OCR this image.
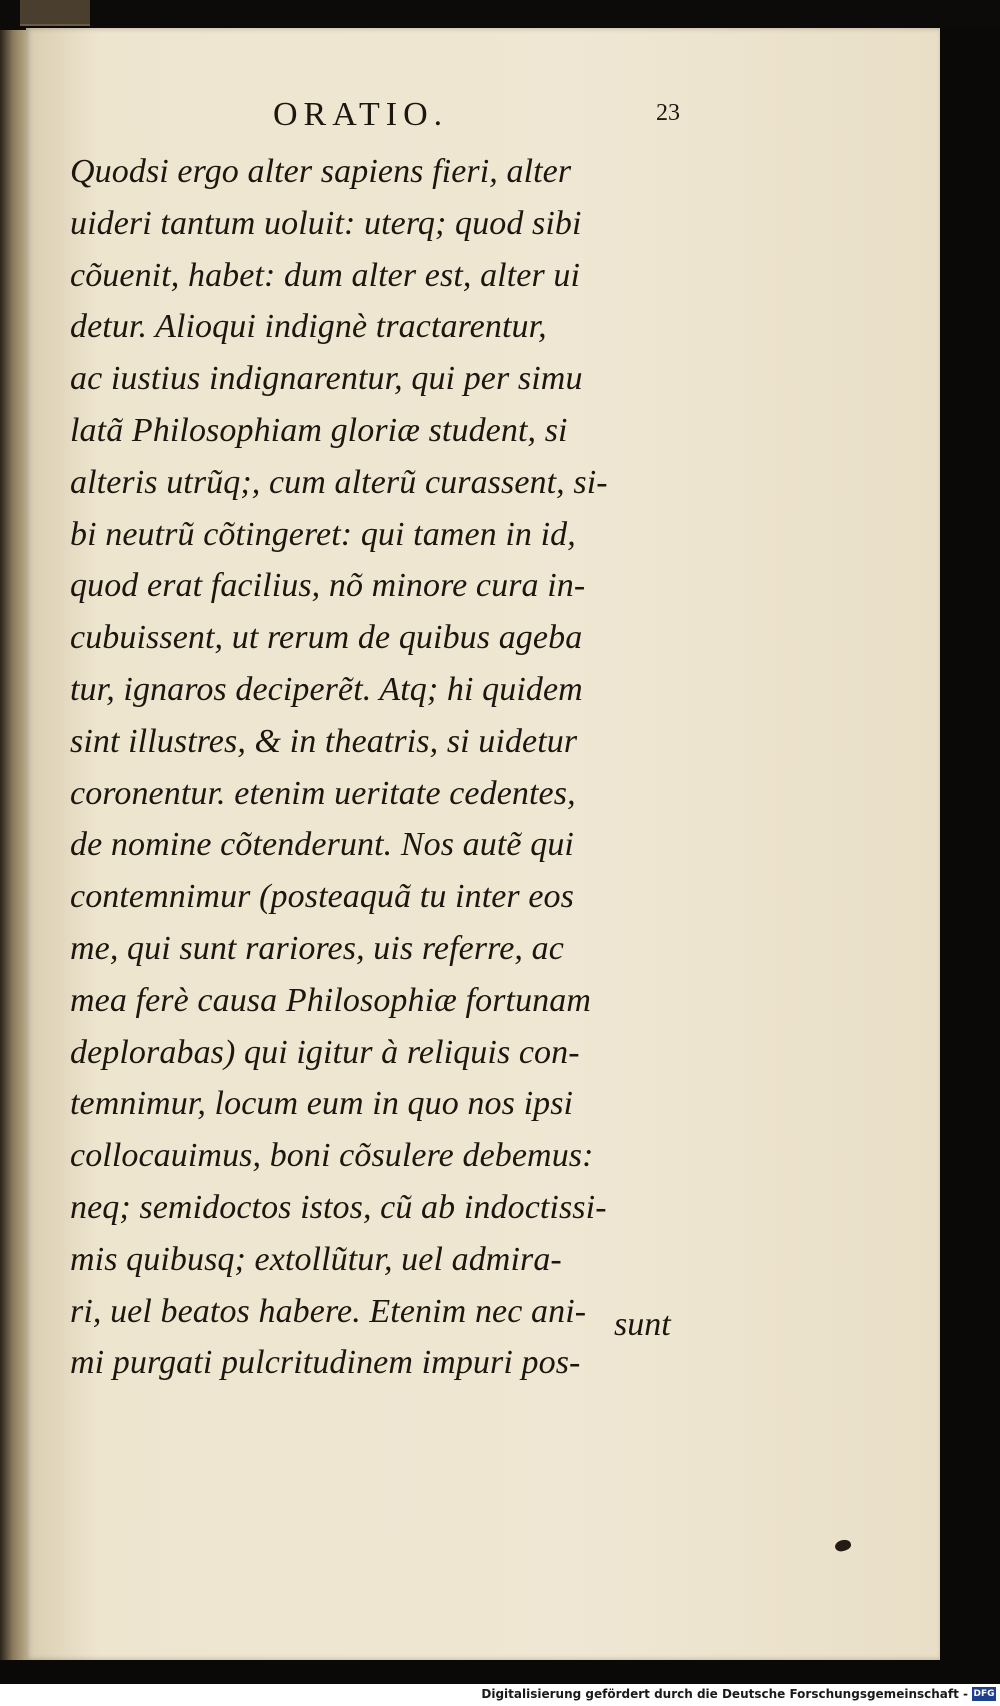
ORATIO.	23
Quodsi ergo alter sapiens fieri, alter
uideri tantum uoluit: uterq; quod sibi
cõuenit, habet: dum alter est, alter ui
detur. Alioqui indignè tractarentur,
ac iustius indignarentur, qui per simu
latã Philosophiam gloriæ student, si
alteris utrũq;, cum alterũ curassent, si-
bi neutrũ cõtingeret: qui tamen in id,
quod erat facilius, nõ minore cura in-
cubuissent, ut rerum de quibus ageba
tur, ignaros deciperẽt. Atq; hi quidem
sint illustres, & in theatris, si uidetur
coronentur. etenim ueritate cedentes,
de nomine cõtenderunt. Nos autẽ qui
contemnimur (posteaquã tu inter eos
me, qui sunt rariores, uis referre, ac
mea ferè causa Philosophiæ fortunam
deplorabas) qui igitur à reliquis con-
temnimur, locum eum in quo nos ipsi
collocauimus, boni cõsulere debemus:
neq; semidoctos istos, cũ ab indoctissi-
mis quibusq; extollũtur, uel admira-
ri, uel beatos habere. Etenim nec ani-
mi purgati pulcritudinem impuri pos-
sunt
Digitalisierung gefördert durch die Deutsche Forschungsgemeinschaft - DFG
